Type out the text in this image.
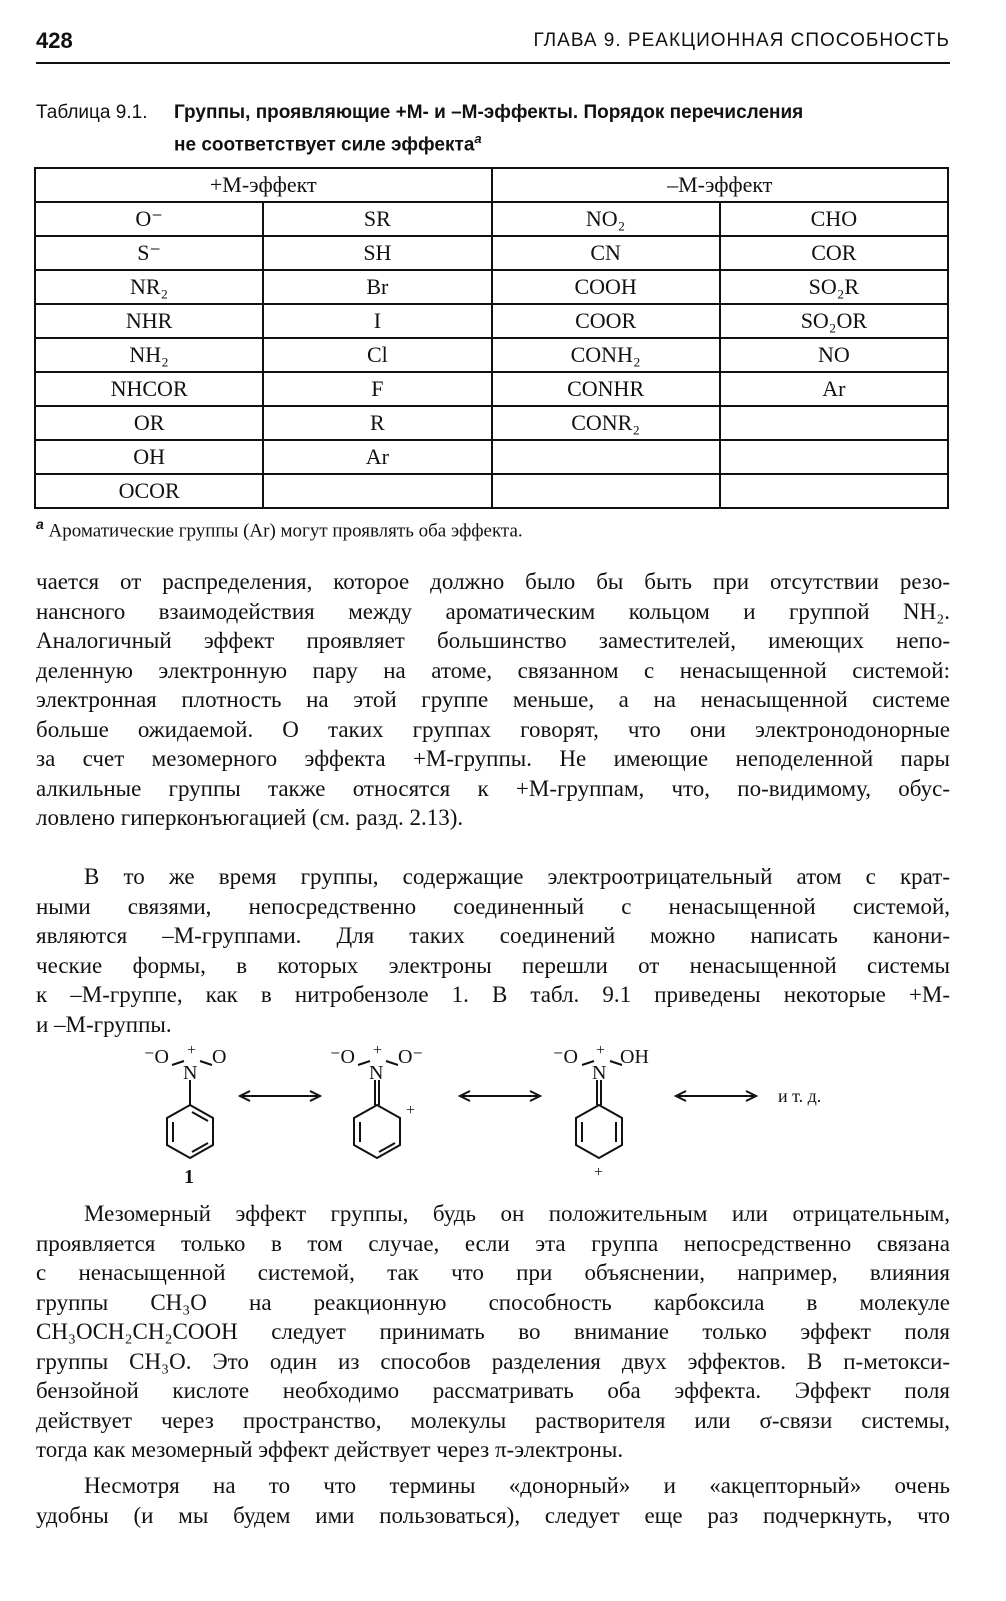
428	ГЛАВА 9. РЕАКЦИОННАЯ СПОСОБНОСТЬ
Таблица 9.1. Группы, проявляющие +M- и –M-эффекты. Порядок перечисления
не соответствует силе эффекта$^a$
+M-эффект		–M-эффект	
O⁻	SR	NO₂	CHO
S⁻	SH	CN	COR
NR₂	Br	COOH	SO₂R
NHR	I	COOR	SO₂OR
NH₂	Cl	CONH₂	NO
NHCOR	F	CONHR	Ar
OR	R	CONR₂	
OH	Ar		
OCOR			
$^a$ Ароматические группы (Ar) могут проявлять оба эффекта.
чается от распределения, которое должно было бы быть при отсутствии резо-
нансного взаимодействия между ароматическим кольцом и группой NH₂.
Аналогичный эффект проявляет большинство заместителей, имеющих непо-
деленную электронную пару на атоме, связанном с ненасыщенной системой:
электронная плотность на этой группе меньше, а на ненасыщенной системе
больше ожидаемой. О таких группах говорят, что они электронодонорные
за счет мезомерного эффекта +M-группы. Не имеющие неподеленной пары
алкильные группы также относятся к +M-группам, что, по-видимому, обус-
ловлено гиперконъюгацией (см. разд. 2.13).
В то же время группы, содержащие электроотрицательный атом с крат-
ными связями, непосредственно соединенный с ненасыщенной системой,
являются –M-группами. Для таких соединений можно написать канони-
ческие формы, в которых электроны перешли от ненасыщенной системы
к –M-группе, как в нитробензоле 1. В табл. 9.1 приведены некоторые +M-
и –M-группы.
⁻O
N
+ O
1
⁻O
N
+ O⁻
+
⁻O
N
+ OH
+
и т. д.
Мезомерный эффект группы, будь он положительным или отрицательным,
проявляется только в том случае, если эта группа непосредственно связана
с ненасыщенной системой, так что при объяснении, например, влияния
группы CH₃O на реакционную способность карбоксила в молекуле
CH₃OCH₂CH₂COOH следует принимать во внимание только эффект поля
группы CH₃O. Это один из способов разделения двух эффектов. В п-метокси-
бензойной кислоте необходимо рассматривать оба эффекта. Эффект поля
действует через пространство, молекулы растворителя или σ-связи системы,
тогда как мезомерный эффект действует через π-электроны.
Несмотря на то что термины «донорный» и «акцепторный» очень
удобны (и мы будем ими пользоваться), следует еще раз подчеркнуть, что
